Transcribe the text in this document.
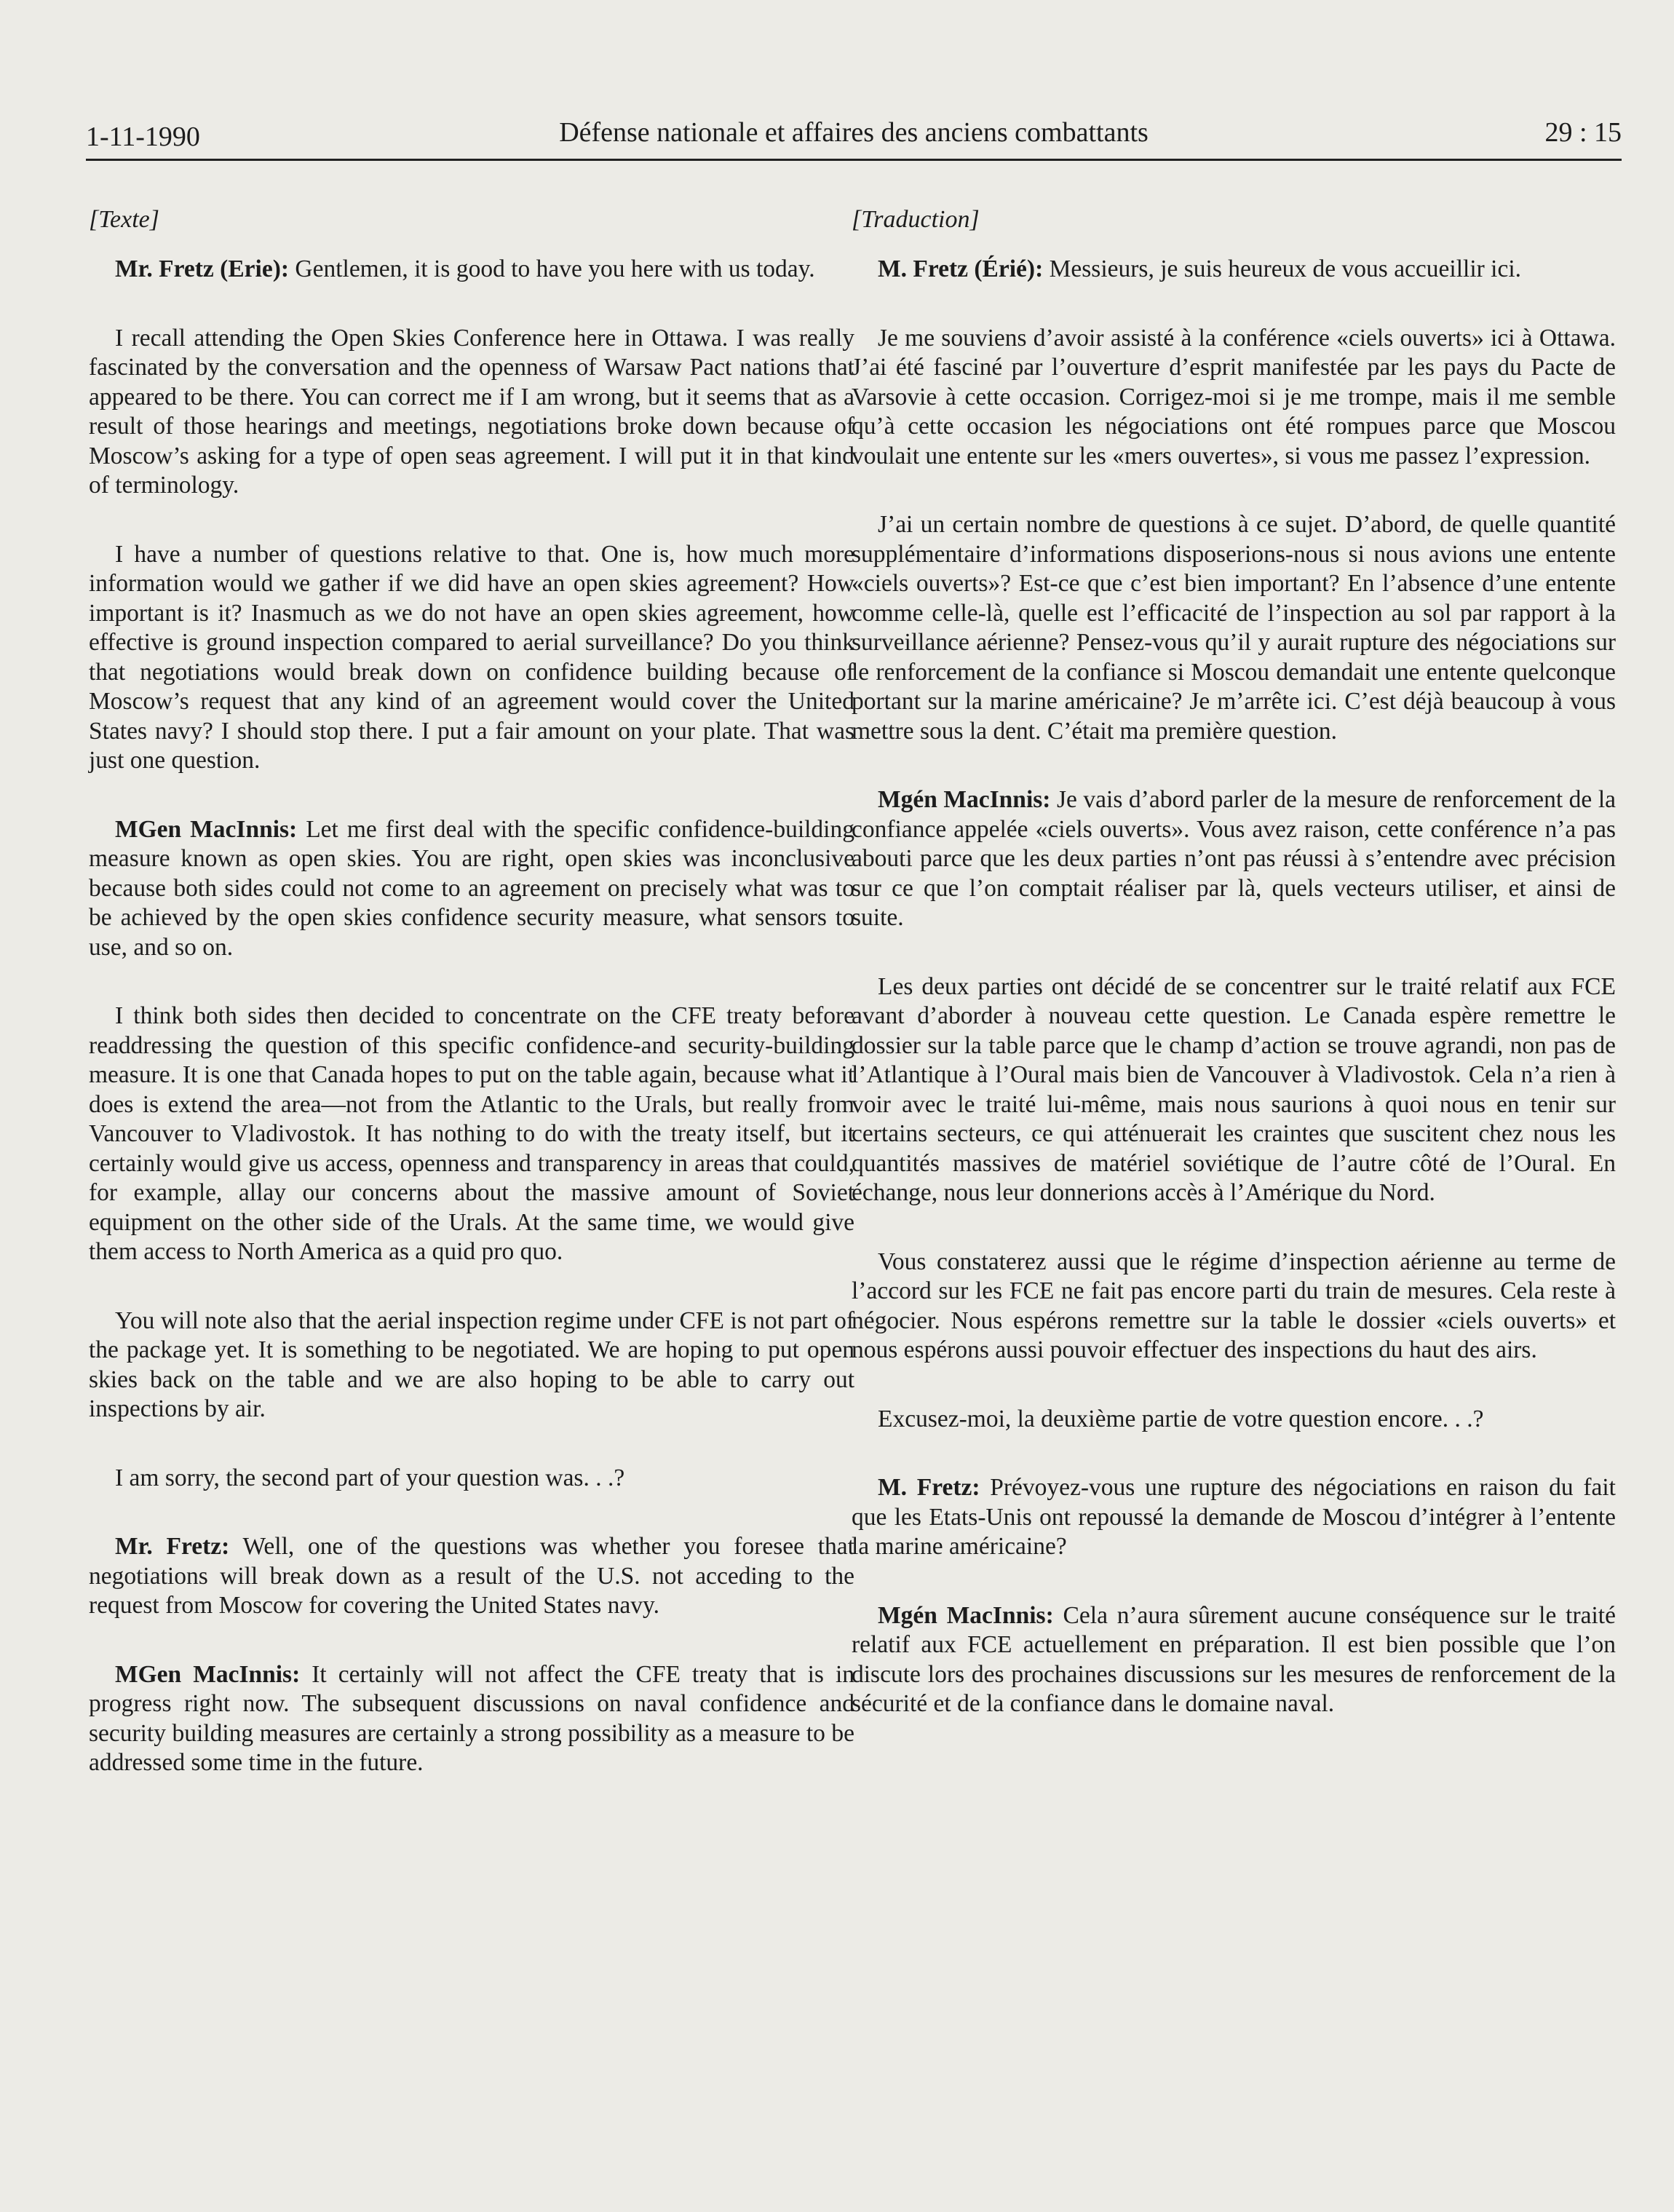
1-11-1990	Défense nationale et affaires des anciens combattants	29 : 15
[Texte]

Mr. Fretz (Erie): Gentlemen, it is good to have you here with us today.

I recall attending the Open Skies Conference here in Ottawa. I was really fascinated by the conversation and the openness of Warsaw Pact nations that appeared to be there. You can correct me if I am wrong, but it seems that as a result of those hearings and meetings, negotiations broke down because of Moscow’s asking for a type of open seas agreement. I will put it in that kind of terminology.

I have a number of questions relative to that. One is, how much more information would we gather if we did have an open skies agreement? How important is it? Inasmuch as we do not have an open skies agreement, how effective is ground inspection compared to aerial surveillance? Do you think that negotiations would break down on confidence building because of Moscow’s request that any kind of an agreement would cover the United States navy? I should stop there. I put a fair amount on your plate. That was just one question.

MGen MacInnis: Let me first deal with the specific confidence-building measure known as open skies. You are right, open skies was inconclusive because both sides could not come to an agreement on precisely what was to be achieved by the open skies confidence security measure, what sensors to use, and so on.

I think both sides then decided to concentrate on the CFE treaty before readdressing the question of this specific confidence-and security-building measure. It is one that Canada hopes to put on the table again, because what it does is extend the area—not from the Atlantic to the Urals, but really from Vancouver to Vladivostok. It has nothing to do with the treaty itself, but it certainly would give us access, openness and transparency in areas that could, for example, allay our concerns about the massive amount of Soviet equipment on the other side of the Urals. At the same time, we would give them access to North America as a quid pro quo.

You will note also that the aerial inspection regime under CFE is not part of the package yet. It is something to be negotiated. We are hoping to put open skies back on the table and we are also hoping to be able to carry out inspections by air.

I am sorry, the second part of your question was. . .?

Mr. Fretz: Well, one of the questions was whether you foresee that negotiations will break down as a result of the U.S. not acceding to the request from Moscow for covering the United States navy.

MGen MacInnis: It certainly will not affect the CFE treaty that is in progress right now. The subsequent discussions on naval confidence and security building measures are certainly a strong possibility as a measure to be addressed some time in the future.

[Traduction]

M. Fretz (Érié): Messieurs, je suis heureux de vous accueillir ici.

Je me souviens d’avoir assisté à la conférence «ciels ouverts» ici à Ottawa. J’ai été fasciné par l’ouverture d’esprit manifestée par les pays du Pacte de Varsovie à cette occasion. Corrigez-moi si je me trompe, mais il me semble qu’à cette occasion les négociations ont été rompues parce que Moscou voulait une entente sur les «mers ouvertes», si vous me passez l’expression.

J’ai un certain nombre de questions à ce sujet. D’abord, de quelle quantité supplémentaire d’informations disposerions-nous si nous avions une entente «ciels ouverts»? Est-ce que c’est bien important? En l’absence d’une entente comme celle-là, quelle est l’efficacité de l’inspection au sol par rapport à la surveillance aérienne? Pensez-vous qu’il y aurait rupture des négociations sur le renforcement de la confiance si Moscou demandait une entente quelconque portant sur la marine américaine? Je m’arrête ici. C’est déjà beaucoup à vous mettre sous la dent. C’était ma première question.

Mgén MacInnis: Je vais d’abord parler de la mesure de renforcement de la confiance appelée «ciels ouverts». Vous avez raison, cette conférence n’a pas abouti parce que les deux parties n’ont pas réussi à s’entendre avec précision sur ce que l’on comptait réaliser par là, quels vecteurs utiliser, et ainsi de suite.

Les deux parties ont décidé de se concentrer sur le traité relatif aux FCE avant d’aborder à nouveau cette question. Le Canada espère remettre le dossier sur la table parce que le champ d’action se trouve agrandi, non pas de l’Atlantique à l’Oural mais bien de Vancouver à Vladivostok. Cela n’a rien à voir avec le traité lui-même, mais nous saurions à quoi nous en tenir sur certains secteurs, ce qui atténuerait les craintes que suscitent chez nous les quantités massives de matériel soviétique de l’autre côté de l’Oural. En échange, nous leur donnerions accès à l’Amérique du Nord.

Vous constaterez aussi que le régime d’inspection aérienne au terme de l’accord sur les FCE ne fait pas encore parti du train de mesures. Cela reste à négocier. Nous espérons remettre sur la table le dossier «ciels ouverts» et nous espérons aussi pouvoir effectuer des inspections du haut des airs.

Excusez-moi, la deuxième partie de votre question encore. . .?

M. Fretz: Prévoyez-vous une rupture des négociations en raison du fait que les Etats-Unis ont repoussé la demande de Moscou d’intégrer à l’entente la marine américaine?

Mgén MacInnis: Cela n’aura sûrement aucune conséquence sur le traité relatif aux FCE actuellement en préparation. Il est bien possible que l’on discute lors des prochaines discussions sur les mesures de renforcement de la sécurité et de la confiance dans le domaine naval.
